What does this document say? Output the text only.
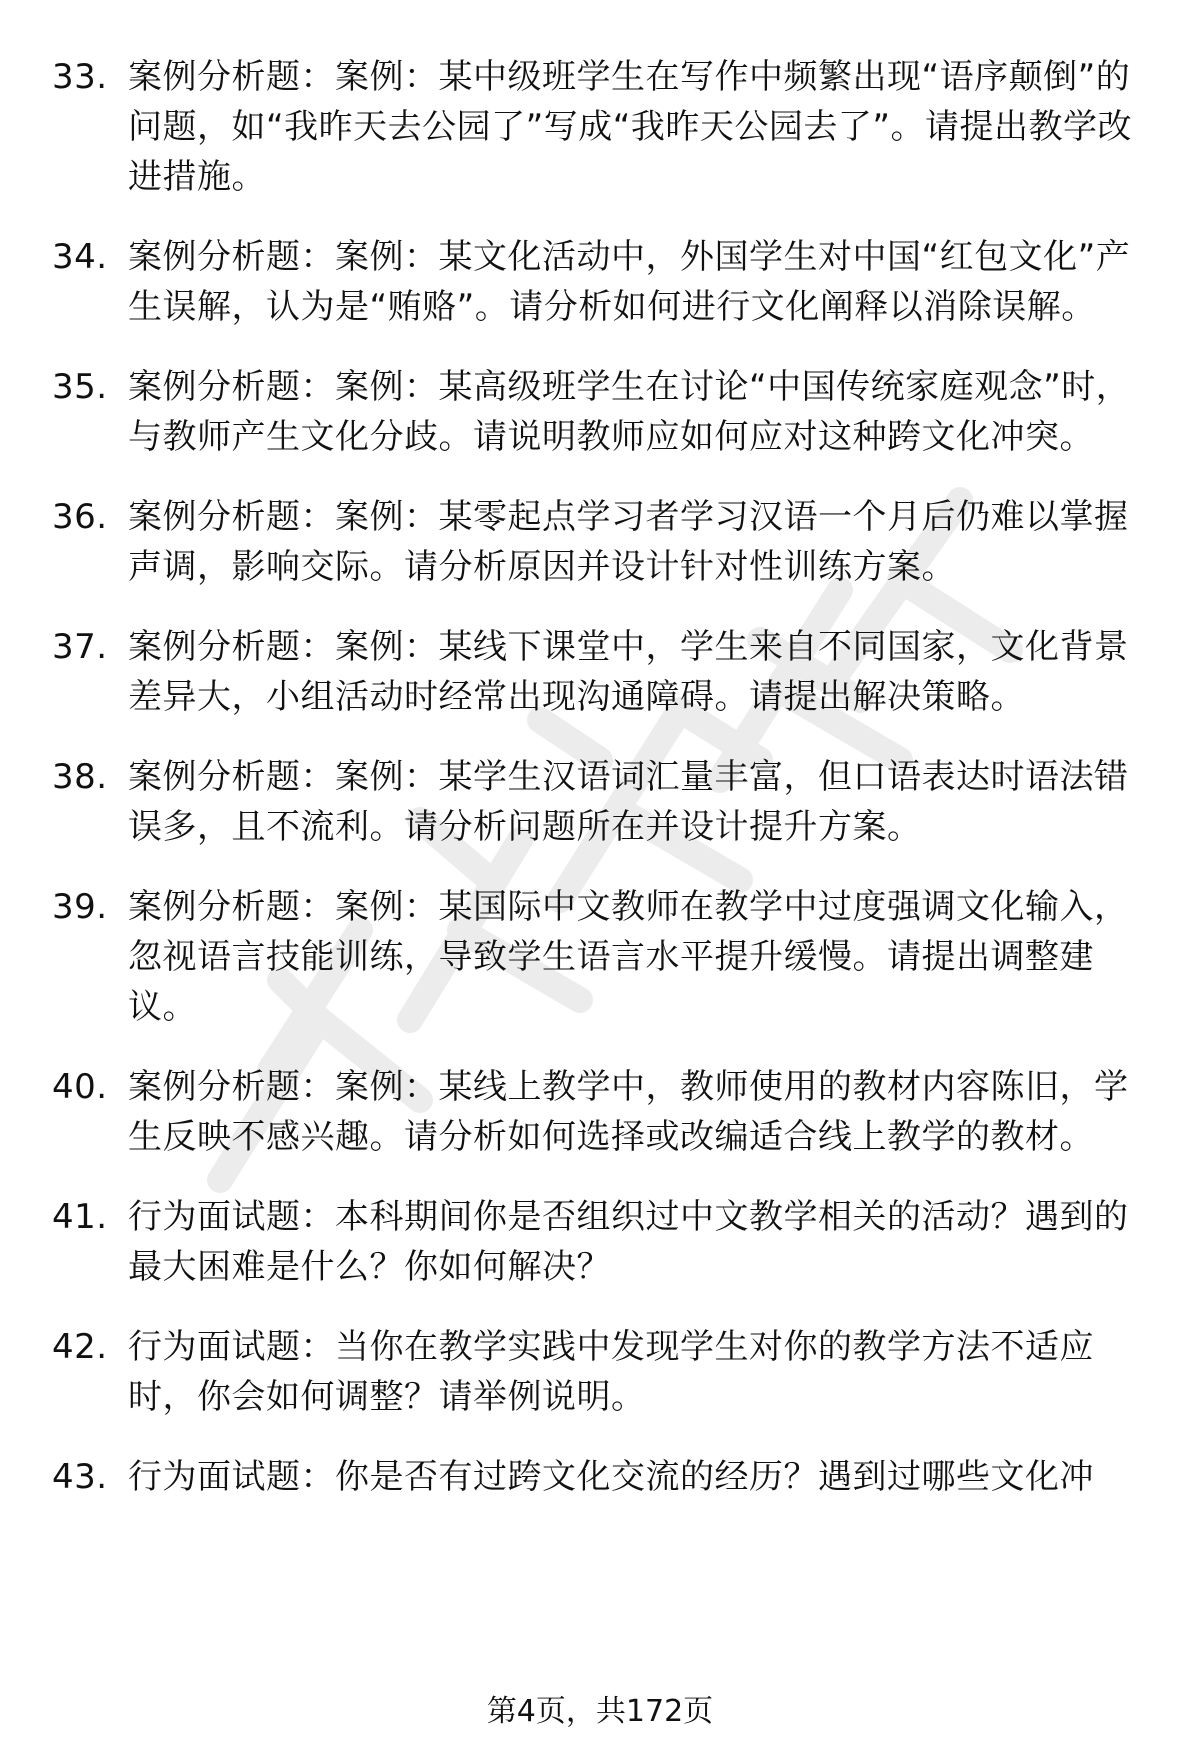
33. 案例分析题：案例：某中级班学生在写作中频繁出现“语序颠倒”的问题，如“我昨天去公园了”写成“我昨天公园去了”。请提出教学改进措施。
34. 案例分析题：案例：某文化活动中，外国学生对中国“红包文化”产生误解，认为是“贿赂”。请分析如何进行文化阐释以消除误解。
35. 案例分析题：案例：某高级班学生在讨论“中国传统家庭观念”时，与教师产生文化分歧。请说明教师应如何应对这种跨文化冲突。
36. 案例分析题：案例：某零起点学习者学习汉语一个月后仍难以掌握声调，影响交际。请分析原因并设计针对性训练方案。
37. 案例分析题：案例：某线下课堂中，学生来自不同国家，文化背景差异大，小组活动时经常出现沟通障碍。请提出解决策略。
38. 案例分析题：案例：某学生汉语词汇量丰富，但口语表达时语法错误多，且不流利。请分析问题所在并设计提升方案。
39. 案例分析题：案例：某国际中文教师在教学中过度强调文化输入，忽视语言技能训练，导致学生语言水平提升缓慢。请提出调整建议。
40. 案例分析题：案例：某线上教学中，教师使用的教材内容陈旧，学生反映不感兴趣。请分析如何选择或改编适合线上教学的教材。
41. 行为面试题：本科期间你是否组织过中文教学相关的活动？遇到的最大困难是什么？你如何解决？
42. 行为面试题：当你在教学实践中发现学生对你的教学方法不适应时，你会如何调整？请举例说明。
43. 行为面试题：你是否有过跨文化交流的经历？遇到过哪些文化冲
第4页，共172页
